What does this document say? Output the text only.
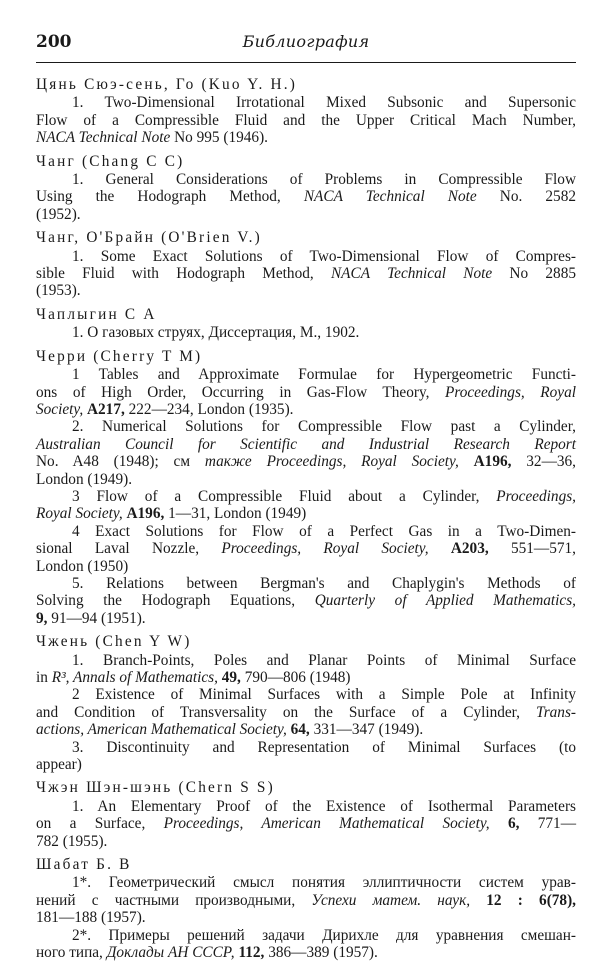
Библиография
200
Цянь Сюэ-сень, Го (Kuo Y. H.)
1. Two-Dimensional Irrotational Mixed Subsonic and Supersonic
Flow of a Compressible Fluid and the Upper Critical Mach Number,
NACA Technical Note No 995 (1946).
Чанг (Chang C C)
1. General Considerations of Problems in Compressible Flow
Using the Hodograph Method, NACA Technical Note No. 2582
(1952).
Чанг, О'Брайн (O'Brien V.)
1. Some Exact Solutions of Two-Dimensional Flow of Compres-
sible Fluid with Hodograph Method, NACA Technical Note No 2885
(1953).
Чаплыгин С А
1. О газовых струях, Диссертация, М., 1902.
Черри (Cherry T M)
1 Tables and Approximate Formulae for Hypergeometric Functi-
ons of High Order, Occurring in Gas-Flow Theory, Proceedings, Royal
Society, A217, 222—234, London (1935).
2. Numerical Solutions for Compressible Flow past a Cylinder,
Australian Council for Scientific and Industrial Research Report
No. A48 (1948); см также Proceedings, Royal Society, A196, 32—36,
London (1949).
3 Flow of a Compressible Fluid about a Cylinder, Proceedings,
Royal Society, A196, 1—31, London (1949)
4 Exact Solutions for Flow of a Perfect Gas in a Two-Dimen-
sional Laval Nozzle, Proceedings, Royal Society, A203, 551—571,
London (1950)
5. Relations between Bergman's and Chaplygin's Methods of
Solving the Hodograph Equations, Quarterly of Applied Mathematics,
9, 91—94 (1951).
Чжень (Chen Y W)
1. Branch-Points, Poles and Planar Points of Minimal Surface
in R³, Annals of Mathematics, 49, 790—806 (1948)
2 Existence of Minimal Surfaces with a Simple Pole at Infinity
and Condition of Transversality on the Surface of a Cylinder, Trans-
actions, American Mathematical Society, 64, 331—347 (1949).
3. Discontinuity and Representation of Minimal Surfaces (to
appear)
Чжэн Шэн-шэнь (Chern S S)
1. An Elementary Proof of the Existence of Isothermal Parameters
on a Surface, Proceedings, American Mathematical Society, 6, 771—
782 (1955).
Шабат Б. В
1*. Геометрический смысл понятия эллиптичности систем урав-
нений с частными производными, Успехи матем. наук, 12 : 6(78),
181—188 (1957).
2*. Примеры решений задачи Дирихле для уравнения смешан-
ного типа, Доклады АН СССР, 112, 386—389 (1957).
